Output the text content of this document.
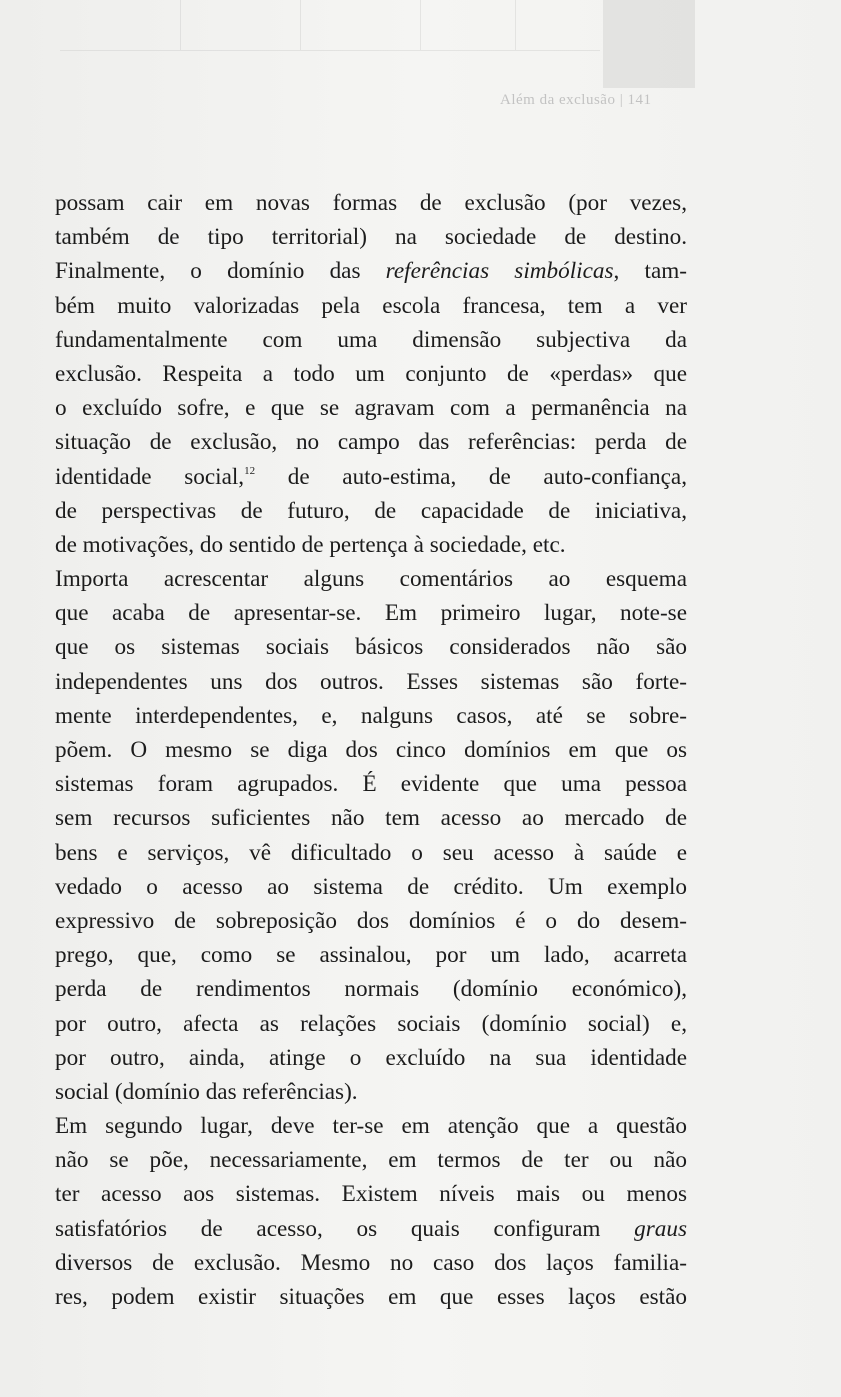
Além da exclusão | 141
possam cair em novas formas de exclusão (por vezes,
também de tipo territorial) na sociedade de destino.
Finalmente, o domínio das referências simbólicas, tam-
bém muito valorizadas pela escola francesa, tem a ver
fundamentalmente com uma dimensão subjectiva da
exclusão. Respeita a todo um conjunto de «perdas» que
o excluído sofre, e que se agravam com a permanência na
situação de exclusão, no campo das referências: perda de
identidade social,$^{12}$ de auto-estima, de auto-confiança,
de perspectivas de futuro, de capacidade de iniciativa,
de motivações, do sentido de pertença à sociedade, etc.
Importa acrescentar alguns comentários ao esquema
que acaba de apresentar-se. Em primeiro lugar, note-se
que os sistemas sociais básicos considerados não são
independentes uns dos outros. Esses sistemas são forte-
mente interdependentes, e, nalguns casos, até se sobre-
põem. O mesmo se diga dos cinco domínios em que os
sistemas foram agrupados. É evidente que uma pessoa
sem recursos suficientes não tem acesso ao mercado de
bens e serviços, vê dificultado o seu acesso à saúde e
vedado o acesso ao sistema de crédito. Um exemplo
expressivo de sobreposição dos domínios é o do desem-
prego, que, como se assinalou, por um lado, acarreta
perda de rendimentos normais (domínio económico),
por outro, afecta as relações sociais (domínio social) e,
por outro, ainda, atinge o excluído na sua identidade
social (domínio das referências).
Em segundo lugar, deve ter-se em atenção que a questão
não se põe, necessariamente, em termos de ter ou não
ter acesso aos sistemas. Existem níveis mais ou menos
satisfatórios de acesso, os quais configuram graus
diversos de exclusão. Mesmo no caso dos laços familia-
res, podem existir situações em que esses laços estão
